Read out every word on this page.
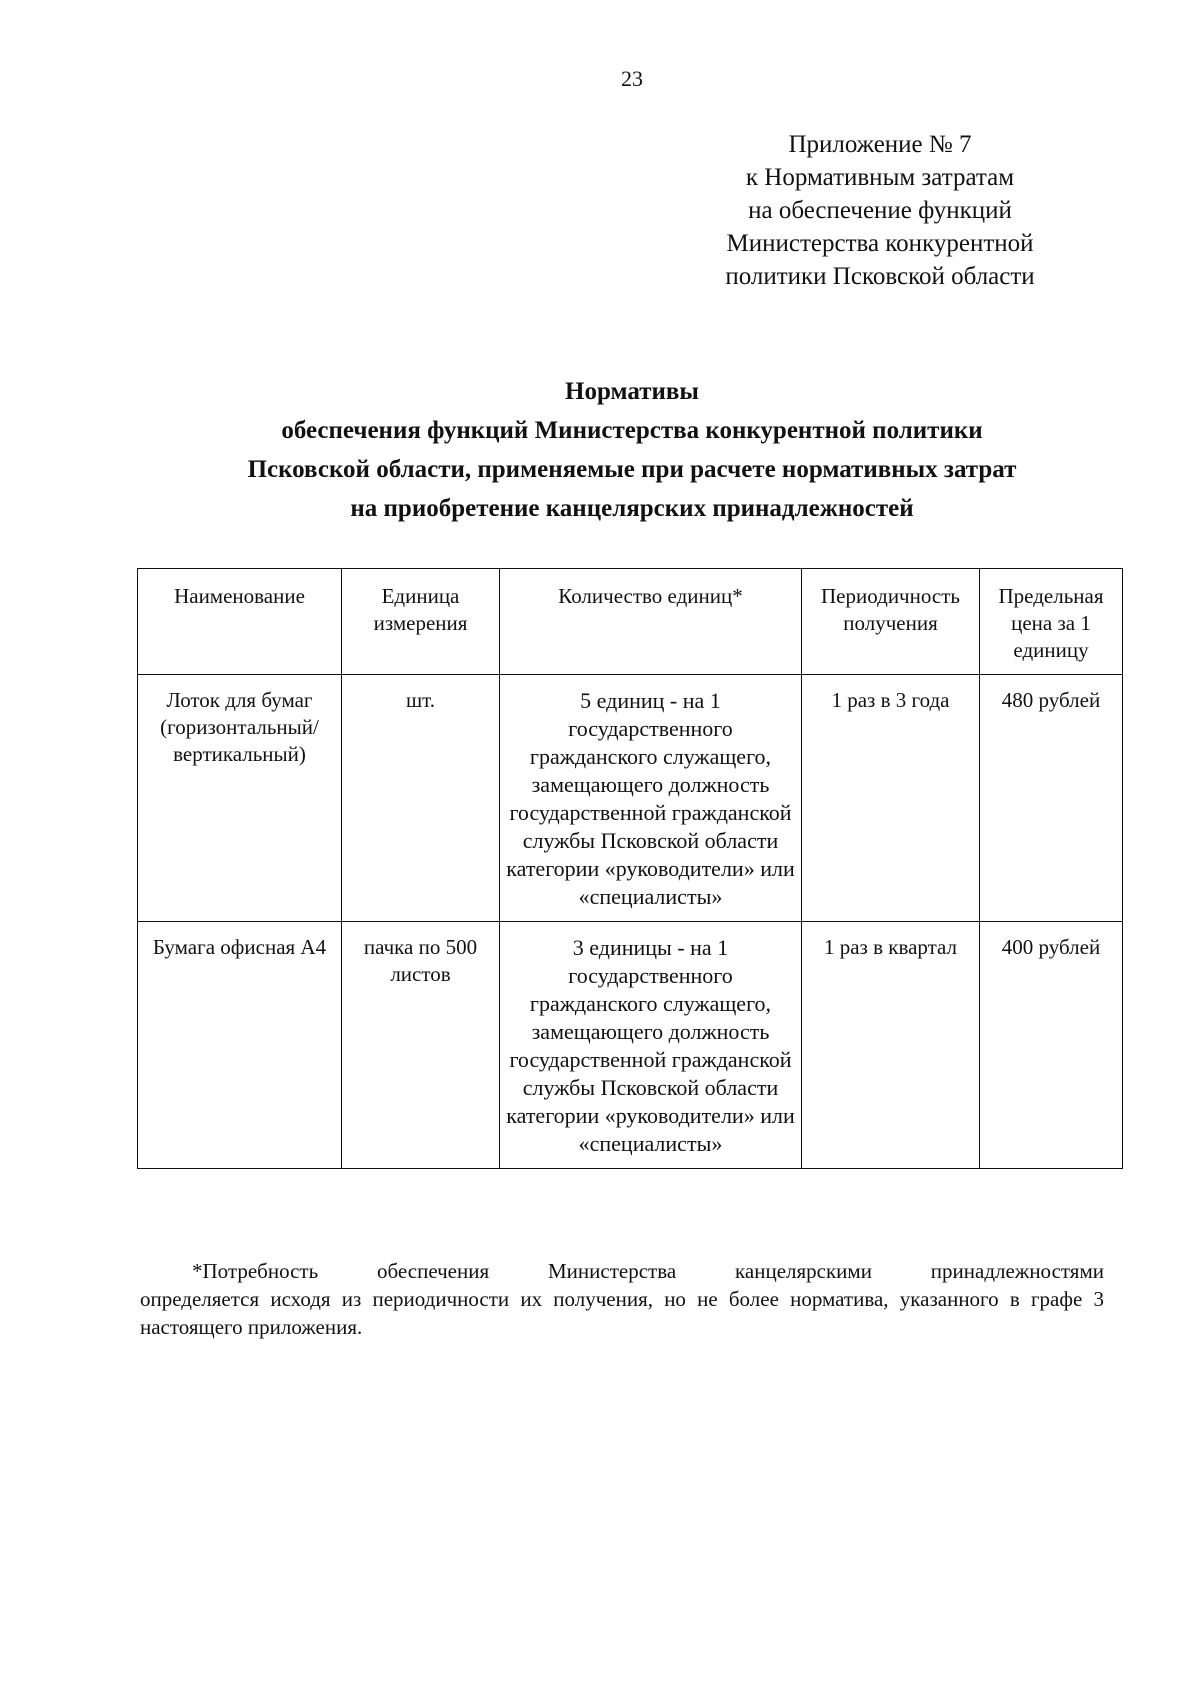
23
Приложение № 7
к Нормативным затратам
на обеспечение функций
Министерства конкурентной
политики Псковской области
Нормативы
обеспечения функций Министерства конкурентной политики
Псковской области, применяемые при расчете нормативных затрат
на приобретение канцелярских принадлежностей
Наименование	Единица измерения	Количество единиц*	Периодичность получения	Предельная цена за 1 единицу
Лоток для бумаг (горизонтальный/ вертикальный)	шт.	5 единиц - на 1 государственного гражданского служащего, замещающего должность государственной гражданской службы Псковской области категории «руководители» или «специалисты»	1 раз в 3 года	480 рублей
Бумага офисная А4	пачка по 500 листов	3 единицы - на 1 государственного гражданского служащего, замещающего должность государственной гражданской службы Псковской области категории «руководители» или «специалисты»	1 раз в квартал	400 рублей
*Потребность обеспечения Министерства канцелярскими принадлежностями
определяется исходя из периодичности их получения, но не более норматива, указанного в графе 3 настоящего приложения.
